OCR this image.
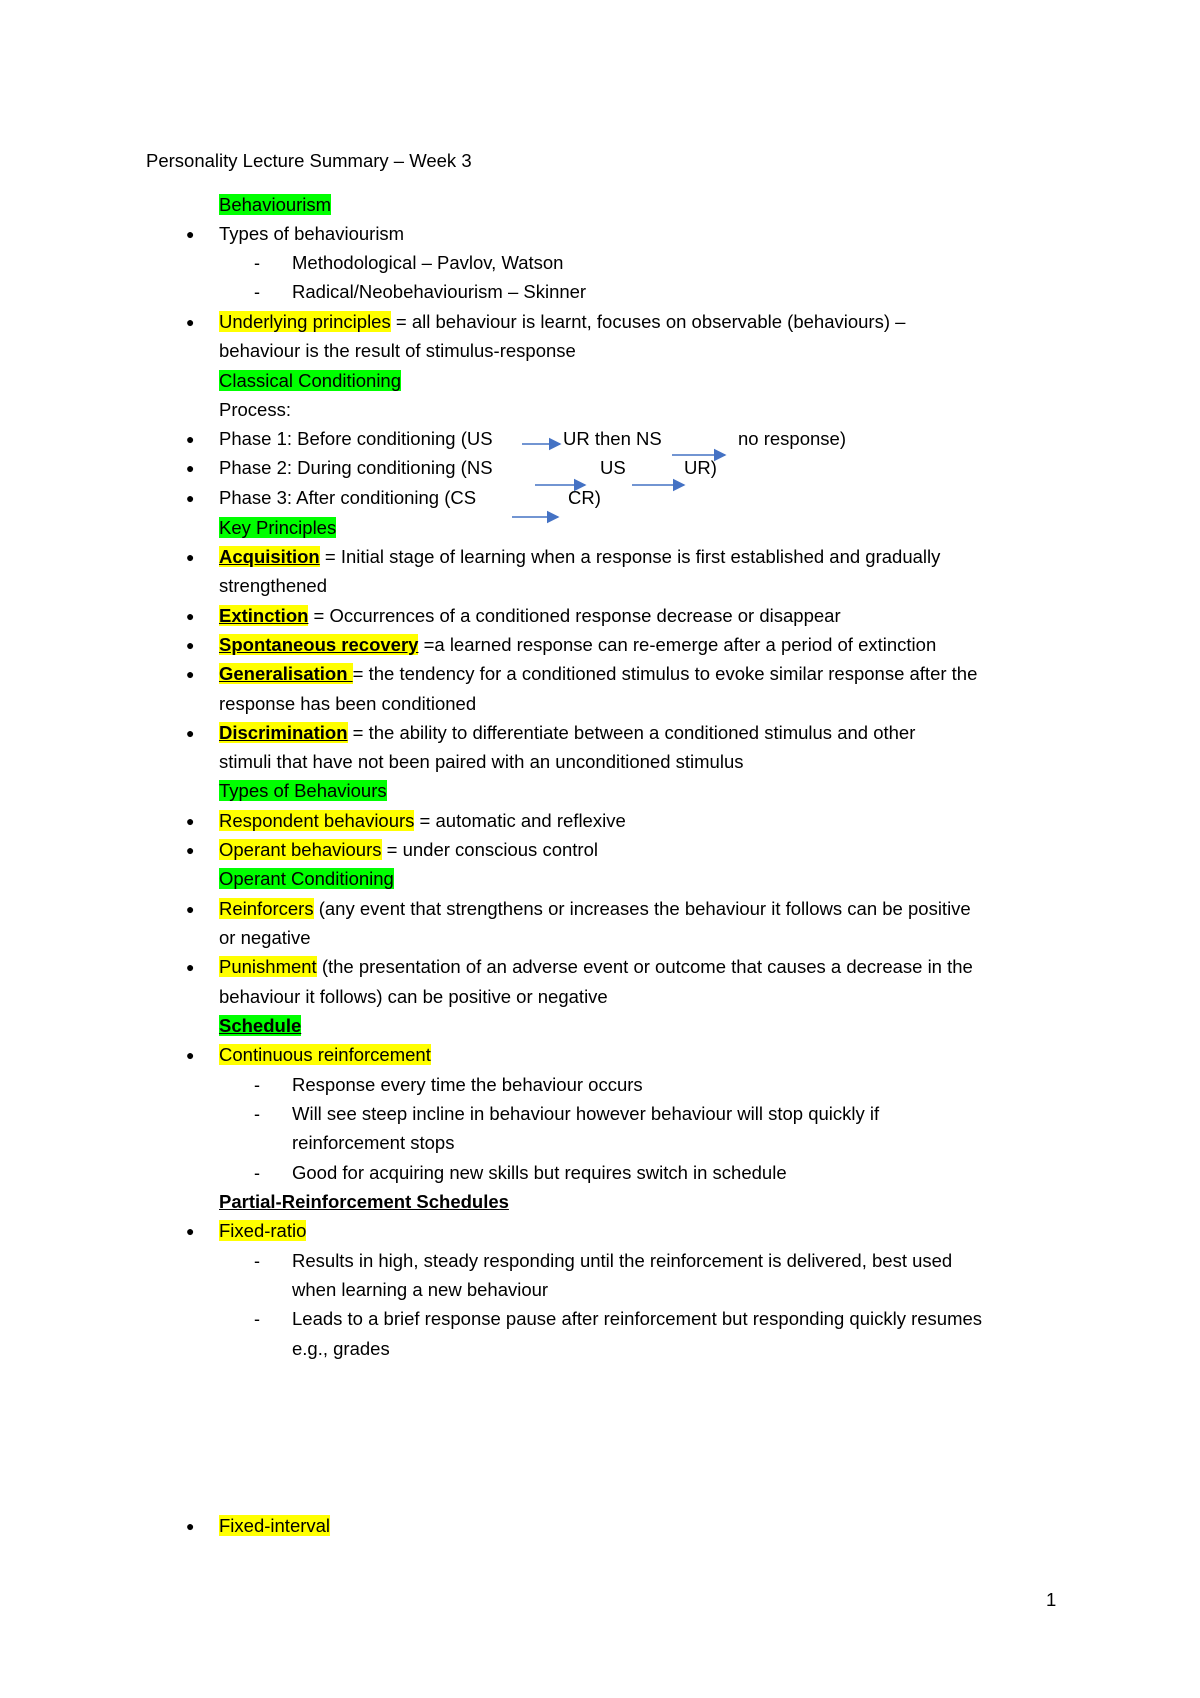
Personality Lecture Summary – Week 3
Behaviourism
● Types of behaviourism
- Methodological – Pavlov, Watson
- Radical/Neobehaviourism – Skinner
● Underlying principles = all behaviour is learnt, focuses on observable (behaviours) –
behaviour is the result of stimulus-response
Classical Conditioning
Process:
● Phase 1: Before conditioning (US	UR then NS	no response)
● Phase 2: During conditioning (NS	US	UR)
● Phase 3: After conditioning (CS	CR)
Key Principles
● Acquisition = Initial stage of learning when a response is first established and gradually
strengthened
● Extinction = Occurrences of a conditioned response decrease or disappear
● Spontaneous recovery =a learned response can re-emerge after a period of extinction
● Generalisation = the tendency for a conditioned stimulus to evoke similar response after the
response has been conditioned
● Discrimination = the ability to differentiate between a conditioned stimulus and other
stimuli that have not been paired with an unconditioned stimulus
Types of Behaviours
● Respondent behaviours = automatic and reflexive
● Operant behaviours = under conscious control
Operant Conditioning
● Reinforcers (any event that strengthens or increases the behaviour it follows can be positive
or negative
● Punishment (the presentation of an adverse event or outcome that causes a decrease in the
behaviour it follows) can be positive or negative
Schedule
● Continuous reinforcement
- Response every time the behaviour occurs
- Will see steep incline in behaviour however behaviour will stop quickly if
reinforcement stops
- Good for acquiring new skills but requires switch in schedule
Partial-Reinforcement Schedules
● Fixed-ratio
- Results in high, steady responding until the reinforcement is delivered, best used
when learning a new behaviour
- Leads to a brief response pause after reinforcement but responding quickly resumes
e.g., grades
● Fixed-interval
1
